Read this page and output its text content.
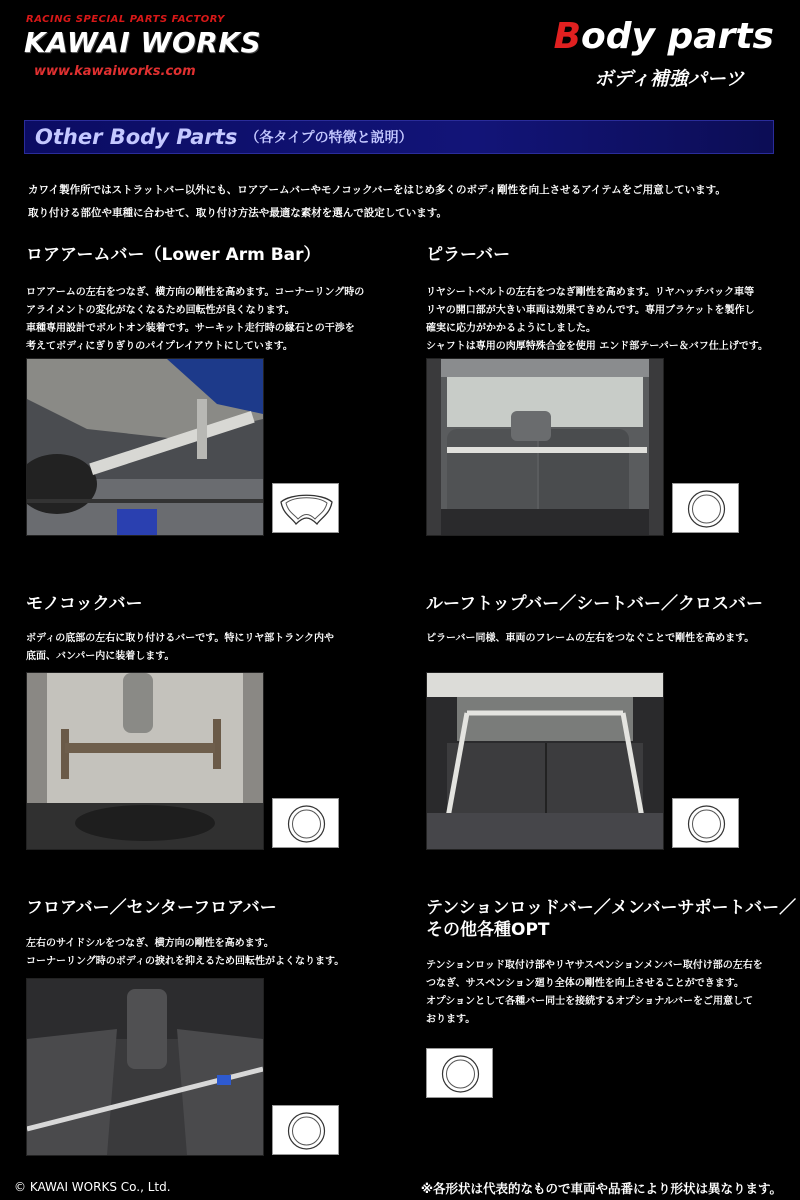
RACING SPECIAL PARTS FACTORY
KAWAI WORKS
www.kawaiworks.com
Body parts
ボディ補強パーツ
Other Body Parts （各タイプの特徴と説明）
カワイ製作所ではストラットバー以外にも、ロアアームバーやモノコックバーをはじめ多くのボディ剛性を向上させるアイテムをご用意しています。
取り付ける部位や車種に合わせて、取り付け方法や最適な素材を選んで設定しています。
ロアアームバー（Lower Arm Bar）
ロアアームの左右をつなぎ、横方向の剛性を高めます。コーナーリング時の
アライメントの変化がなくなるため回転性が良くなります。
車種専用設計でボルトオン装着です。サーキット走行時の縁石との干渉を
考えてボディにぎりぎりのパイプレイアウトにしています。
ピラーバー
リヤシートベルトの左右をつなぎ剛性を高めます。リヤハッチバック車等
リヤの開口部が大きい車両は効果てきめんです。専用ブラケットを製作し
確実に応力がかかるようにしました。
シャフトは専用の肉厚特殊合金を使用 エンド部テーパー＆バフ仕上げです。
モノコックバー
ボディの底部の左右に取り付けるバーです。特にリヤ部トランク内や
底面、バンパー内に装着します。
ルーフトップバー／シートバー／クロスバー
ピラーバー同様、車両のフレームの左右をつなぐことで剛性を高めます。
フロアバー／センターフロアバー
左右のサイドシルをつなぎ、横方向の剛性を高めます。
コーナーリング時のボディの捩れを抑えるため回転性がよくなります。
テンションロッドバー／メンバーサポートバー／
その他各種OPT
テンションロッド取付け部やリヤサスペンションメンバー取付け部の左右を
つなぎ、サスペンション廻り全体の剛性を向上させることができます。
オプションとして各種バー同士を接続するオプショナルバーをご用意して
おります。
© KAWAI WORKS Co., Ltd.	※各形状は代表的なもので車両や品番により形状は異なります。
